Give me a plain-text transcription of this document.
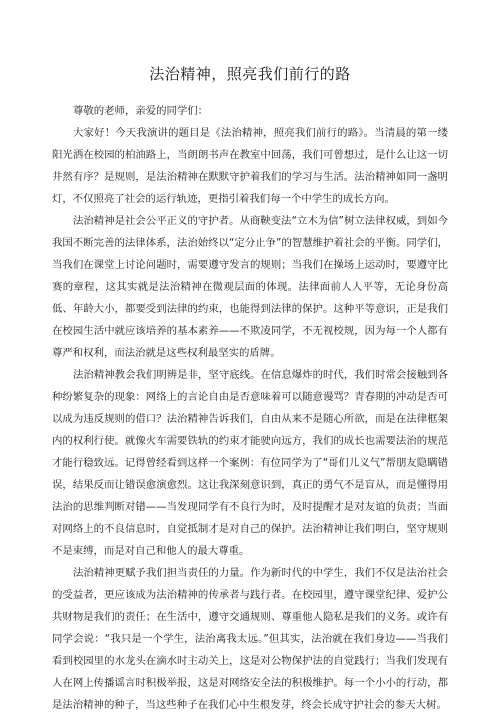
法治精神，照亮我们前行的路

尊敬的老师，亲爱的同学们：

大家好！今天我演讲的题目是《法治精神，照亮我们前行的路》。当清晨的第一缕阳光洒在校园的柏油路上，当朗朗书声在教室中回荡，我们可曾想过，是什么让这一切井然有序？是规则，是法治精神在默默守护着我们的学习与生活。法治精神如同一盏明灯，不仅照亮了社会的运行轨迹，更指引着我们每一个中学生的成长方向。

法治精神是社会公平正义的守护者。从商鞅变法“立木为信”树立法律权威，到如今我国不断完善的法律体系，法治始终以“定分止争”的智慧维护着社会的平衡。同学们，当我们在课堂上讨论问题时，需要遵守发言的规则；当我们在操场上运动时，要遵守比赛的章程，这其实就是法治精神在微观层面的体现。法律面前人人平等，无论身份高低、年龄大小，都要受到法律的约束，也能得到法律的保护。这种平等意识，正是我们在校园生活中就应该培养的基本素养——不欺凌同学，不无视校规，因为每一个人都有尊严和权利，而法治就是这些权利最坚实的盾牌。

法治精神教会我们明辨是非，坚守底线。在信息爆炸的时代，我们时常会接触到各种纷繁复杂的现象：网络上的言论自由是否意味着可以随意谩骂？青春期的冲动是否可以成为违反规则的借口？法治精神告诉我们，自由从来不是随心所欲，而是在法律框架内的权利行使。就像火车需要铁轨的约束才能驶向远方，我们的成长也需要法治的规范才能行稳致远。记得曾经看到这样一个案例：有位同学为了“哥们儿义气”帮朋友隐瞒错误，结果反而让错误愈演愈烈。这让我深刻意识到，真正的勇气不是盲从，而是懂得用法治的思维判断对错——当发现同学有不良行为时，及时提醒才是对友谊的负责；当面对网络上的不良信息时，自觉抵制才是对自己的保护。法治精神让我们明白，坚守规则不是束缚，而是对自己和他人的最大尊重。

法治精神更赋予我们担当责任的力量。作为新时代的中学生，我们不仅是法治社会的受益者，更应该成为法治精神的传承者与践行者。在校园里，遵守课堂纪律、爱护公共财物是我们的责任；在生活中，遵守交通规则、尊重他人隐私是我们的义务。或许有同学会说：“我只是一个学生，法治离我太远。”但其实，法治就在我们身边——当我们看到校园里的水龙头在滴水时主动关上，这是对公物保护法的自觉践行；当我们发现有人在网上传播谣言时积极举报，这是对网络安全法的积极维护。每一个小小的行动，都是法治精神的种子，当这些种子在我们心中生根发芽，终会长成守护社会的参天大树。
